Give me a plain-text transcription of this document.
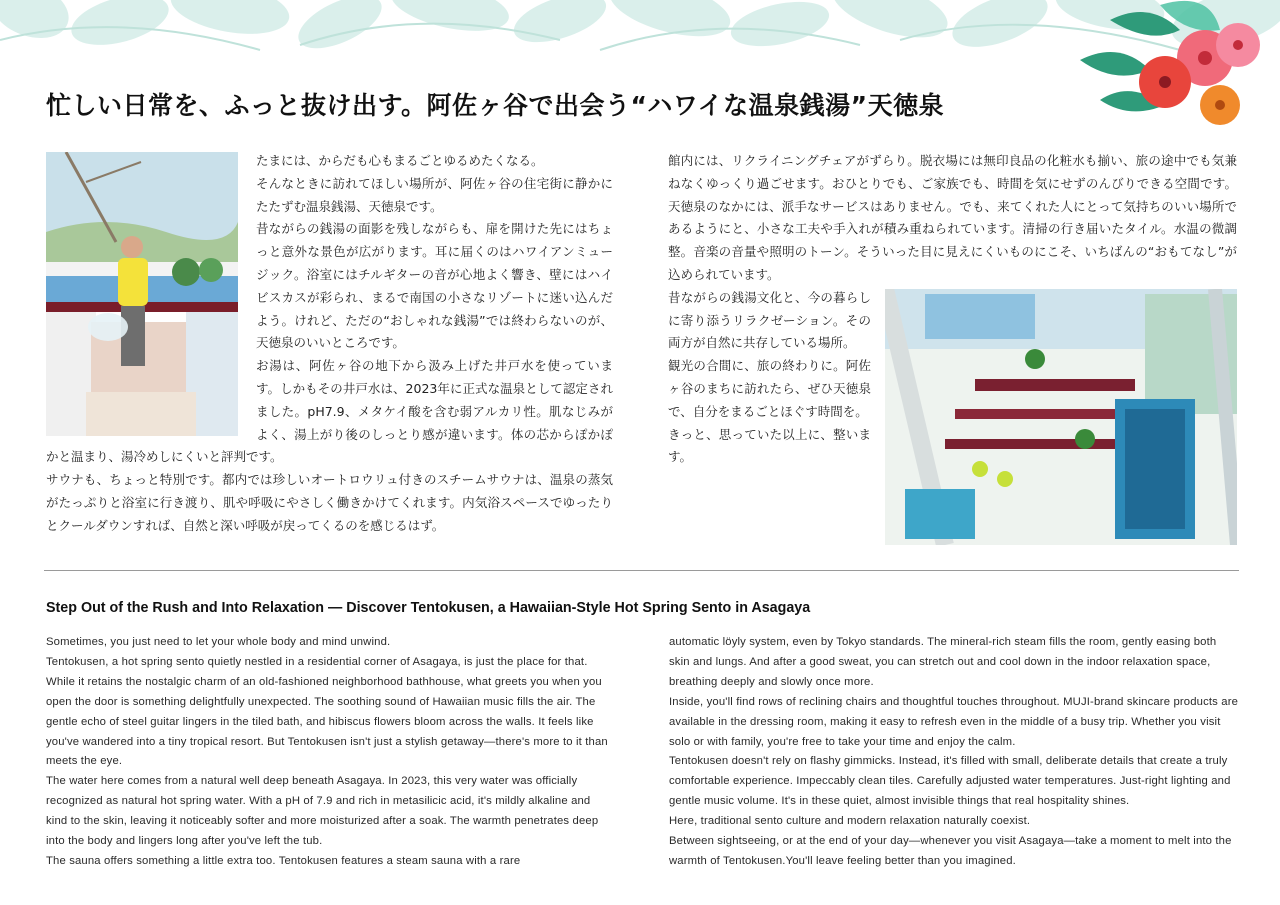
忙しい日常を、ふっと抜け出す。阿佐ヶ谷で出会う“ハワイな温泉銭湯”天徳泉

たまには、からだも心もまるごとゆるめたくなる。

そんなときに訪れてほしい場所が、阿佐ヶ谷の住宅街に静かにたたずむ温泉銭湯、天徳泉です。

昔ながらの銭湯の面影を残しながらも、扉を開けた先にはちょっと意外な景色が広がります。耳に届くのはハワイアンミュージック。浴室にはチルギターの音が心地よく響き、壁にはハイビスカスが彩られ、まるで南国の小さなリゾートに迷い込んだよう。けれど、ただの“おしゃれな銭湯”では終わらないのが、天徳泉のいいところです。

お湯は、阿佐ヶ谷の地下から汲み上げた井戸水を使っています。しかもその井戸水は、2023年に正式な温泉として認定されました。pH7.9、メタケイ酸を含む弱アルカリ性。肌なじみがよく、湯上がり後のしっとり感が違います。体の芯からぽかぽかと温まり、湯冷めしにくいと評判です。

サウナも、ちょっと特別です。都内では珍しいオートロウリュ付きのスチームサウナは、温泉の蒸気がたっぷりと浴室に行き渡り、肌や呼吸にやさしく働きかけてくれます。内気浴スペースでゆったりとクールダウンすれば、自然と深い呼吸が戻ってくるのを感じるはず。

館内には、リクライニングチェアがずらり。脱衣場には無印良品の化粧水も揃い、旅の途中でも気兼ねなくゆっくり過ごせます。おひとりでも、ご家族でも、時間を気にせずのんびりできる空間です。天徳泉のなかには、派手なサービスはありません。でも、来てくれた人にとって気持ちのいい場所であるようにと、小さな工夫や手入れが積み重ねられています。清掃の行き届いたタイル。水温の微調整。音楽の音量や照明のトーン。そういった目に見えにくいものにこそ、いちばんの“おもてなし”が込められています。

昔ながらの銭湯文化と、今の暮らしに寄り添うリラクゼーション。その両方が自然に共存している場所。

観光の合間に、旅の終わりに。阿佐ヶ谷のまちに訪れたら、ぜひ天徳泉で、自分をまるごとほぐす時間を。

きっと、思っていた以上に、整います。

Step Out of the Rush and Into Relaxation — Discover Tentokusen, a Hawaiian-Style Hot Spring Sento in Asagaya

Sometimes, you just need to let your whole body and mind unwind.

Tentokusen, a hot spring sento quietly nestled in a residential corner of Asagaya, is just the place for that.

While it retains the nostalgic charm of an old-fashioned neighborhood bathhouse, what greets you when you open the door is something delightfully unexpected. The soothing sound of Hawaiian music fills the air. The gentle echo of steel guitar lingers in the tiled bath, and hibiscus flowers bloom across the walls. It feels like you've wandered into a tiny tropical resort. But Tentokusen isn't just a stylish getaway—there's more to it than meets the eye.

The water here comes from a natural well deep beneath Asagaya. In 2023, this very water was officially recognized as natural hot spring water. With a pH of 7.9 and rich in metasilicic acid, it's mildly alkaline and kind to the skin, leaving it noticeably softer and more moisturized after a soak. The warmth penetrates deep into the body and lingers long after you've left the tub.

The sauna offers something a little extra too. Tentokusen features a steam sauna with a rare

automatic löyly system, even by Tokyo standards. The mineral-rich steam fills the room, gently easing both skin and lungs. And after a good sweat, you can stretch out and cool down in the indoor relaxation space, breathing deeply and slowly once more.

Inside, you'll find rows of reclining chairs and thoughtful touches throughout. MUJI-brand skincare products are available in the dressing room, making it easy to refresh even in the middle of a busy trip. Whether you visit solo or with family, you're free to take your time and enjoy the calm.

Tentokusen doesn't rely on flashy gimmicks. Instead, it's filled with small, deliberate details that create a truly comfortable experience. Impeccably clean tiles. Carefully adjusted water temperatures. Just-right lighting and gentle music volume. It's in these quiet, almost invisible things that real hospitality shines.

Here, traditional sento culture and modern relaxation naturally coexist.

Between sightseeing, or at the end of your day—whenever you visit Asagaya—take a moment to melt into the warmth of Tentokusen.You'll leave feeling better than you imagined.
